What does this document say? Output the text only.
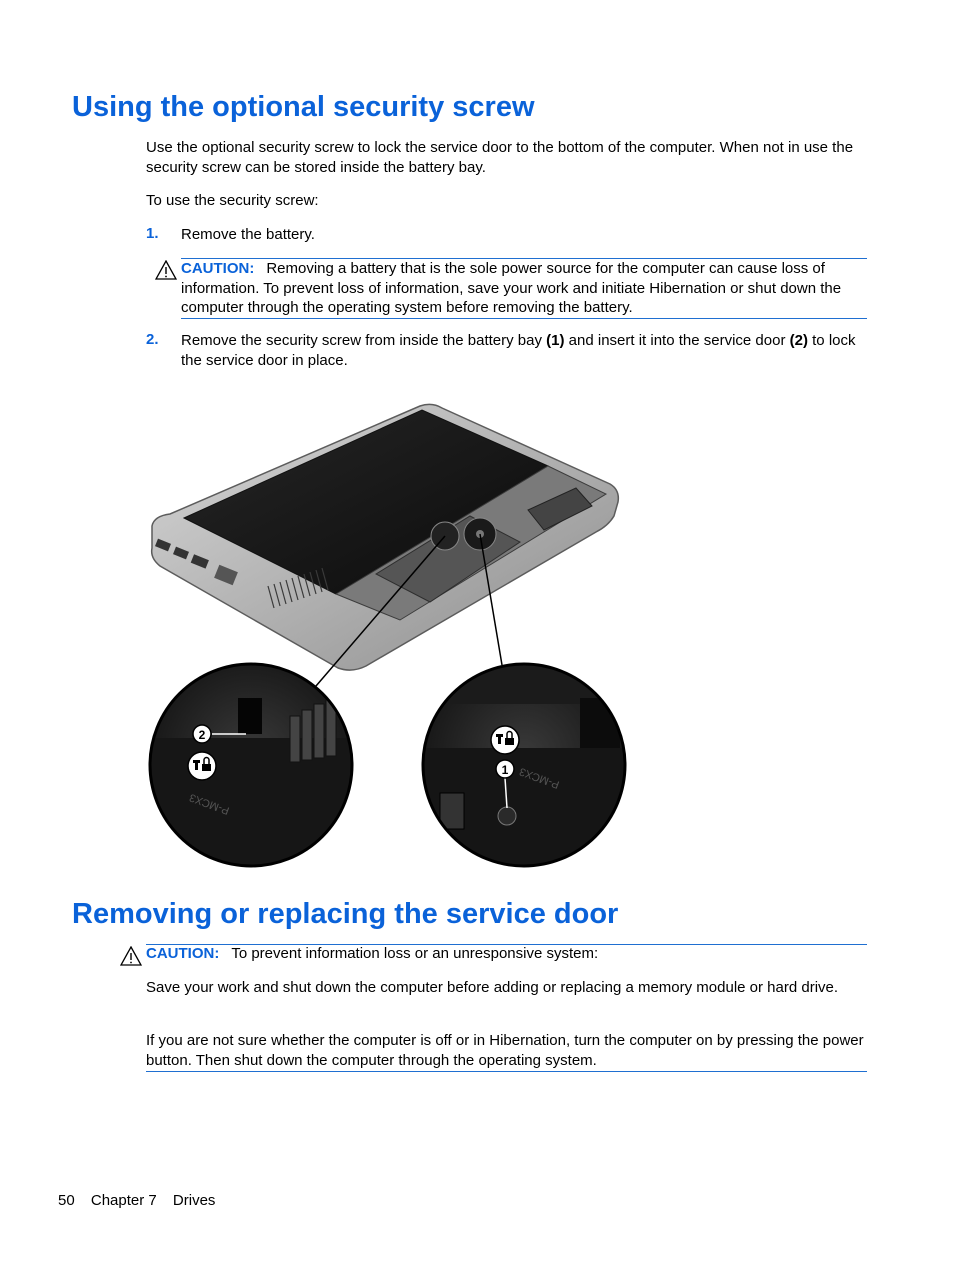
Using the optional security screw

Use the optional security screw to lock the service door to the bottom of the computer. When not in use the security screw can be stored inside the battery bay.

To use the security screw:

1. Remove the battery.

CAUTION: Removing a battery that is the sole power source for the computer can cause loss of information. To prevent loss of information, save your work and initiate Hibernation or shut down the computer through the operating system before removing the battery.

2. Remove the security screw from inside the battery bay (1) and insert it into the service door (2) to lock the service door in place.

2
P-MCX3
1 P-MCX3
Removing or replacing the service door

CAUTION: To prevent information loss or an unresponsive system:

Save your work and shut down the computer before adding or replacing a memory module or hard drive.

If you are not sure whether the computer is off or in Hibernation, turn the computer on by pressing the power button. Then shut down the computer through the operating system.

50 Chapter 7 Drives
